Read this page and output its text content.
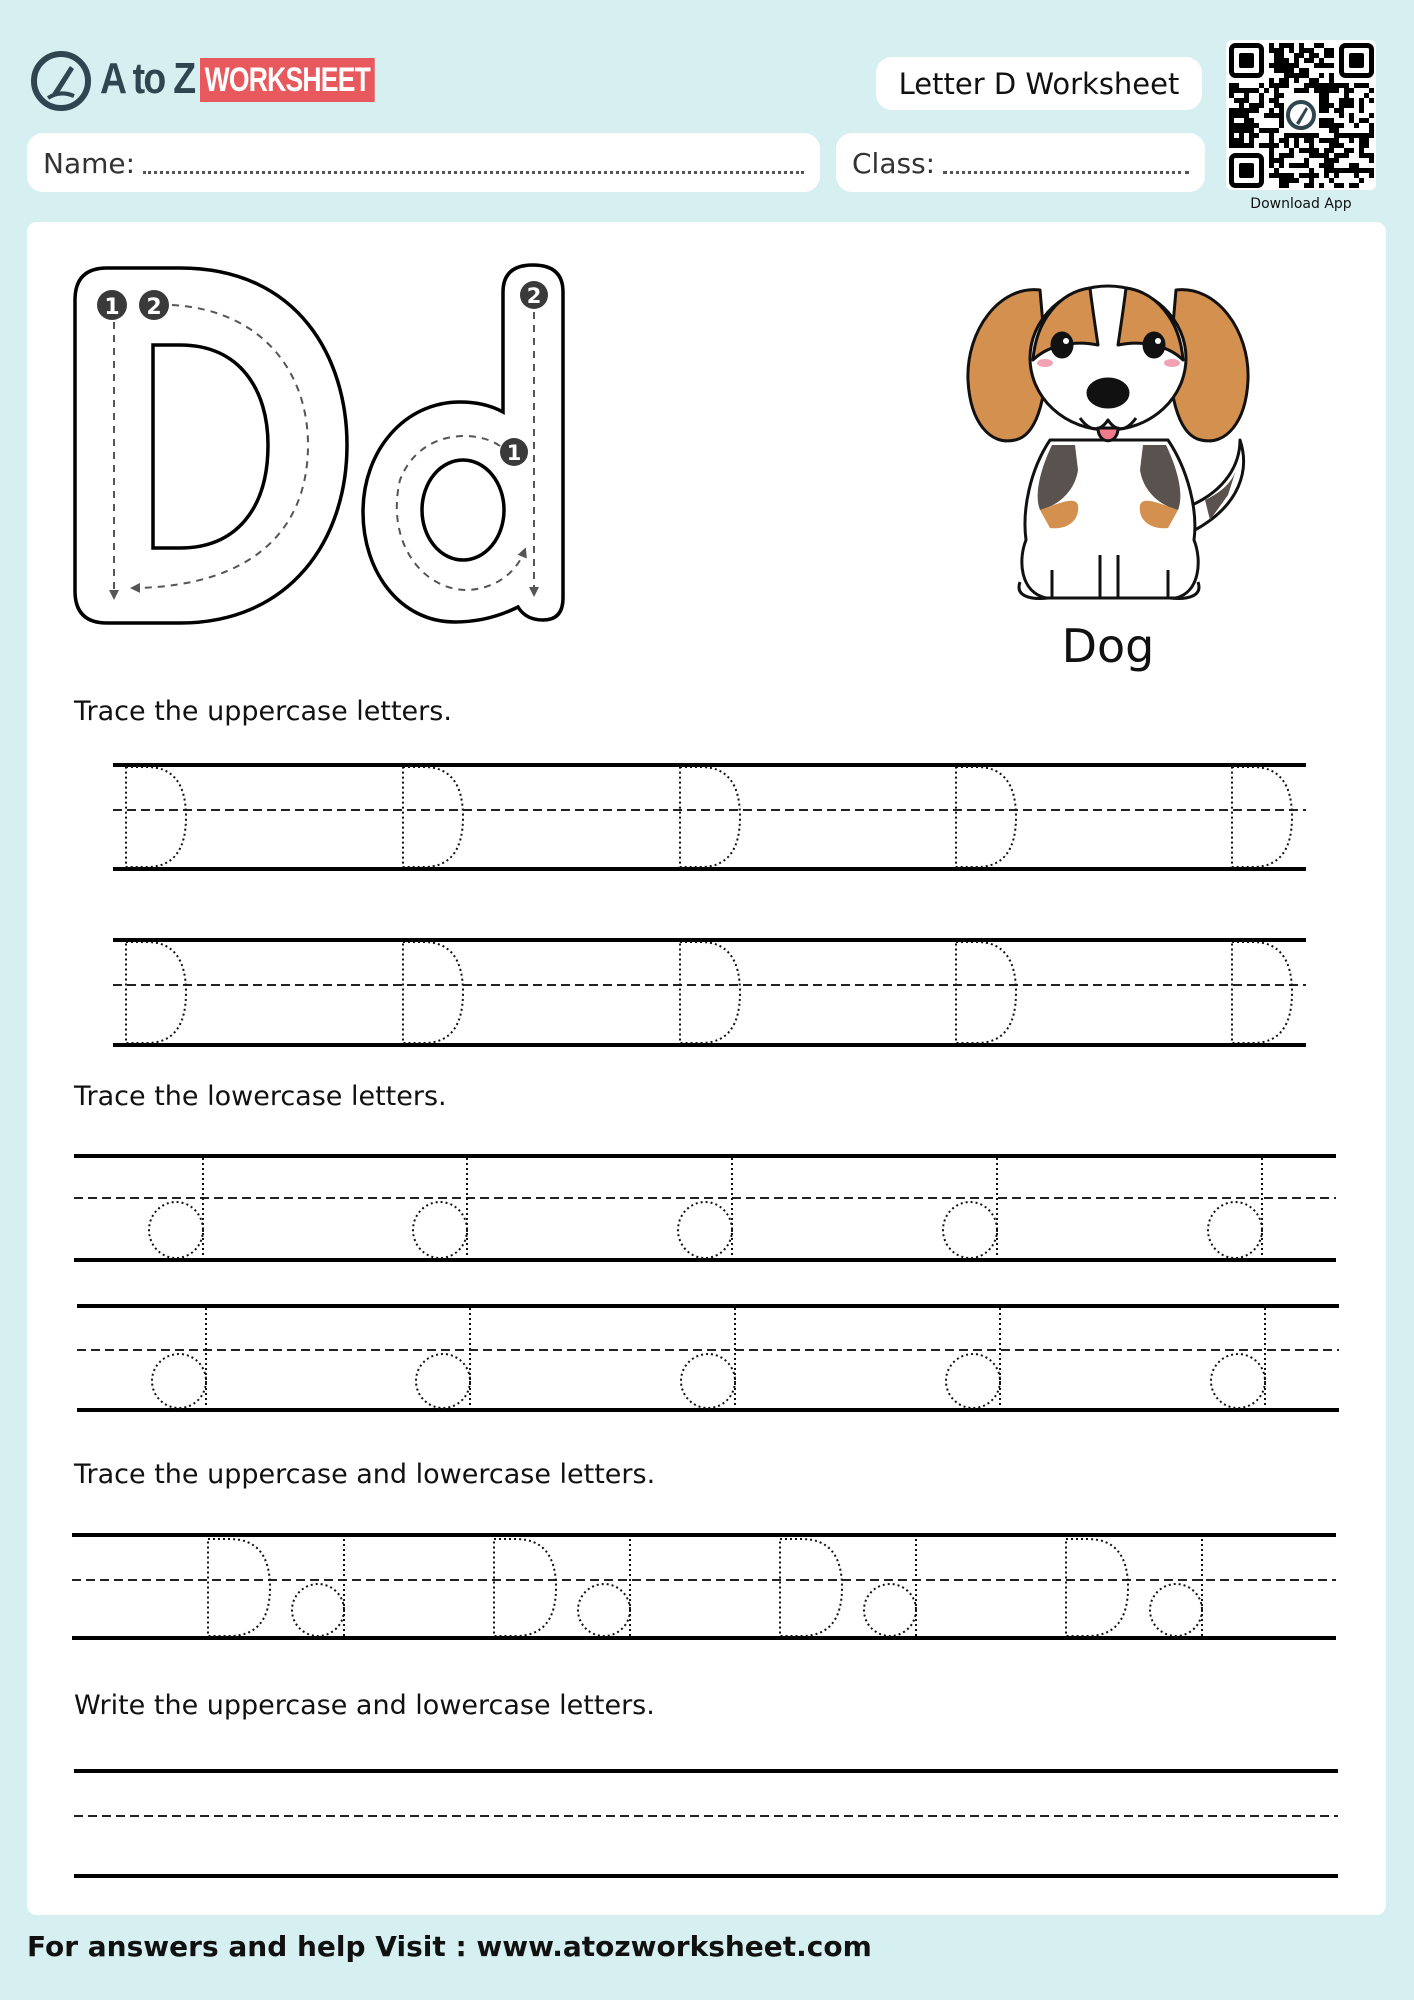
A to Z WORKSHEET	Letter D Worksheet
Name:	Class:
Download App
1 2	2
1
Dog
Trace the uppercase letters.
Trace the lowercase letters.
Trace the uppercase and lowercase letters.
Write the uppercase and lowercase letters.
For answers and help Visit : www.atozworksheet.com
